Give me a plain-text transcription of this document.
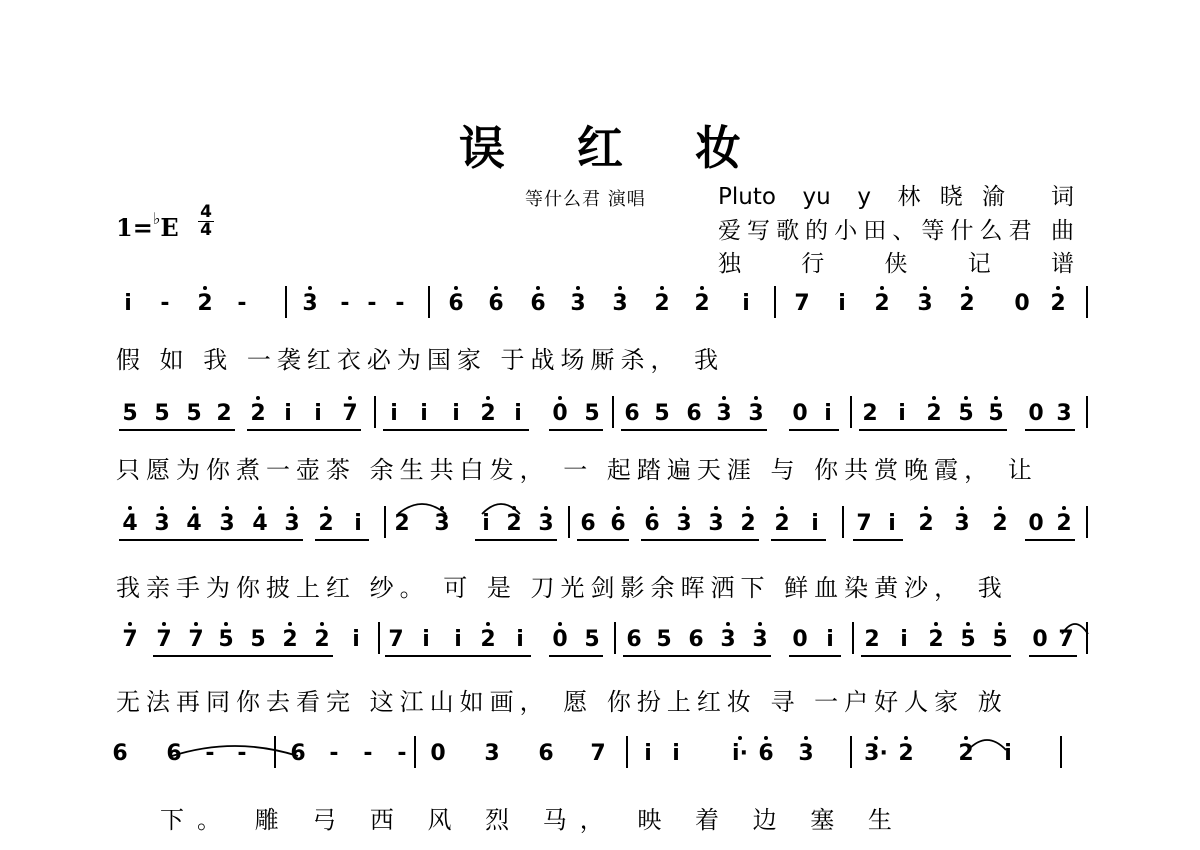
误 红 妆
等什么君 演唱	Pluto yu y 林晓渝 词
爱写歌的小田、等什么君 曲
独 行 侠 记 谱
1=♭E
4
4
i	- 2 -	3 - - - 6 6 6 3 3 2 2	i	7	i	2 3 2 0 2
假 如 我 一袭红衣必为国家 于战场厮杀， 我
5 5 5 2 2 i	i 7	i	i	i 2 i	0 5 6 5 6 3 3 0 i	2 i 2 5 5 0 3
只愿为你煮一壶茶 余生共白发， 一 起踏遍天涯 与 你共赏晚霞， 让
4 3 4 3 4 3 2 i	2 3	i 2 3 6 6 6 3 3 2 2 i	7 i	2 3 2 0 2
我亲手为你披上红 纱。 可 是 刀光剑影余晖洒下 鲜血染黄沙， 我
7 7 7 5 5 2 2	i	7 i	i 2 i	0 5 6 5 6 3 3 0 i	2 i 2 5 5 0 7
无法再同你去看完 这江山如画， 愿 你扮上红妆 寻 一户好人家 放
6 6 - - 6 - - - 0 3 6 7	i i	i· 6 3 3· 2 2	i
下。 雕 弓 西 风 烈 马， 映 着 边 塞 生
